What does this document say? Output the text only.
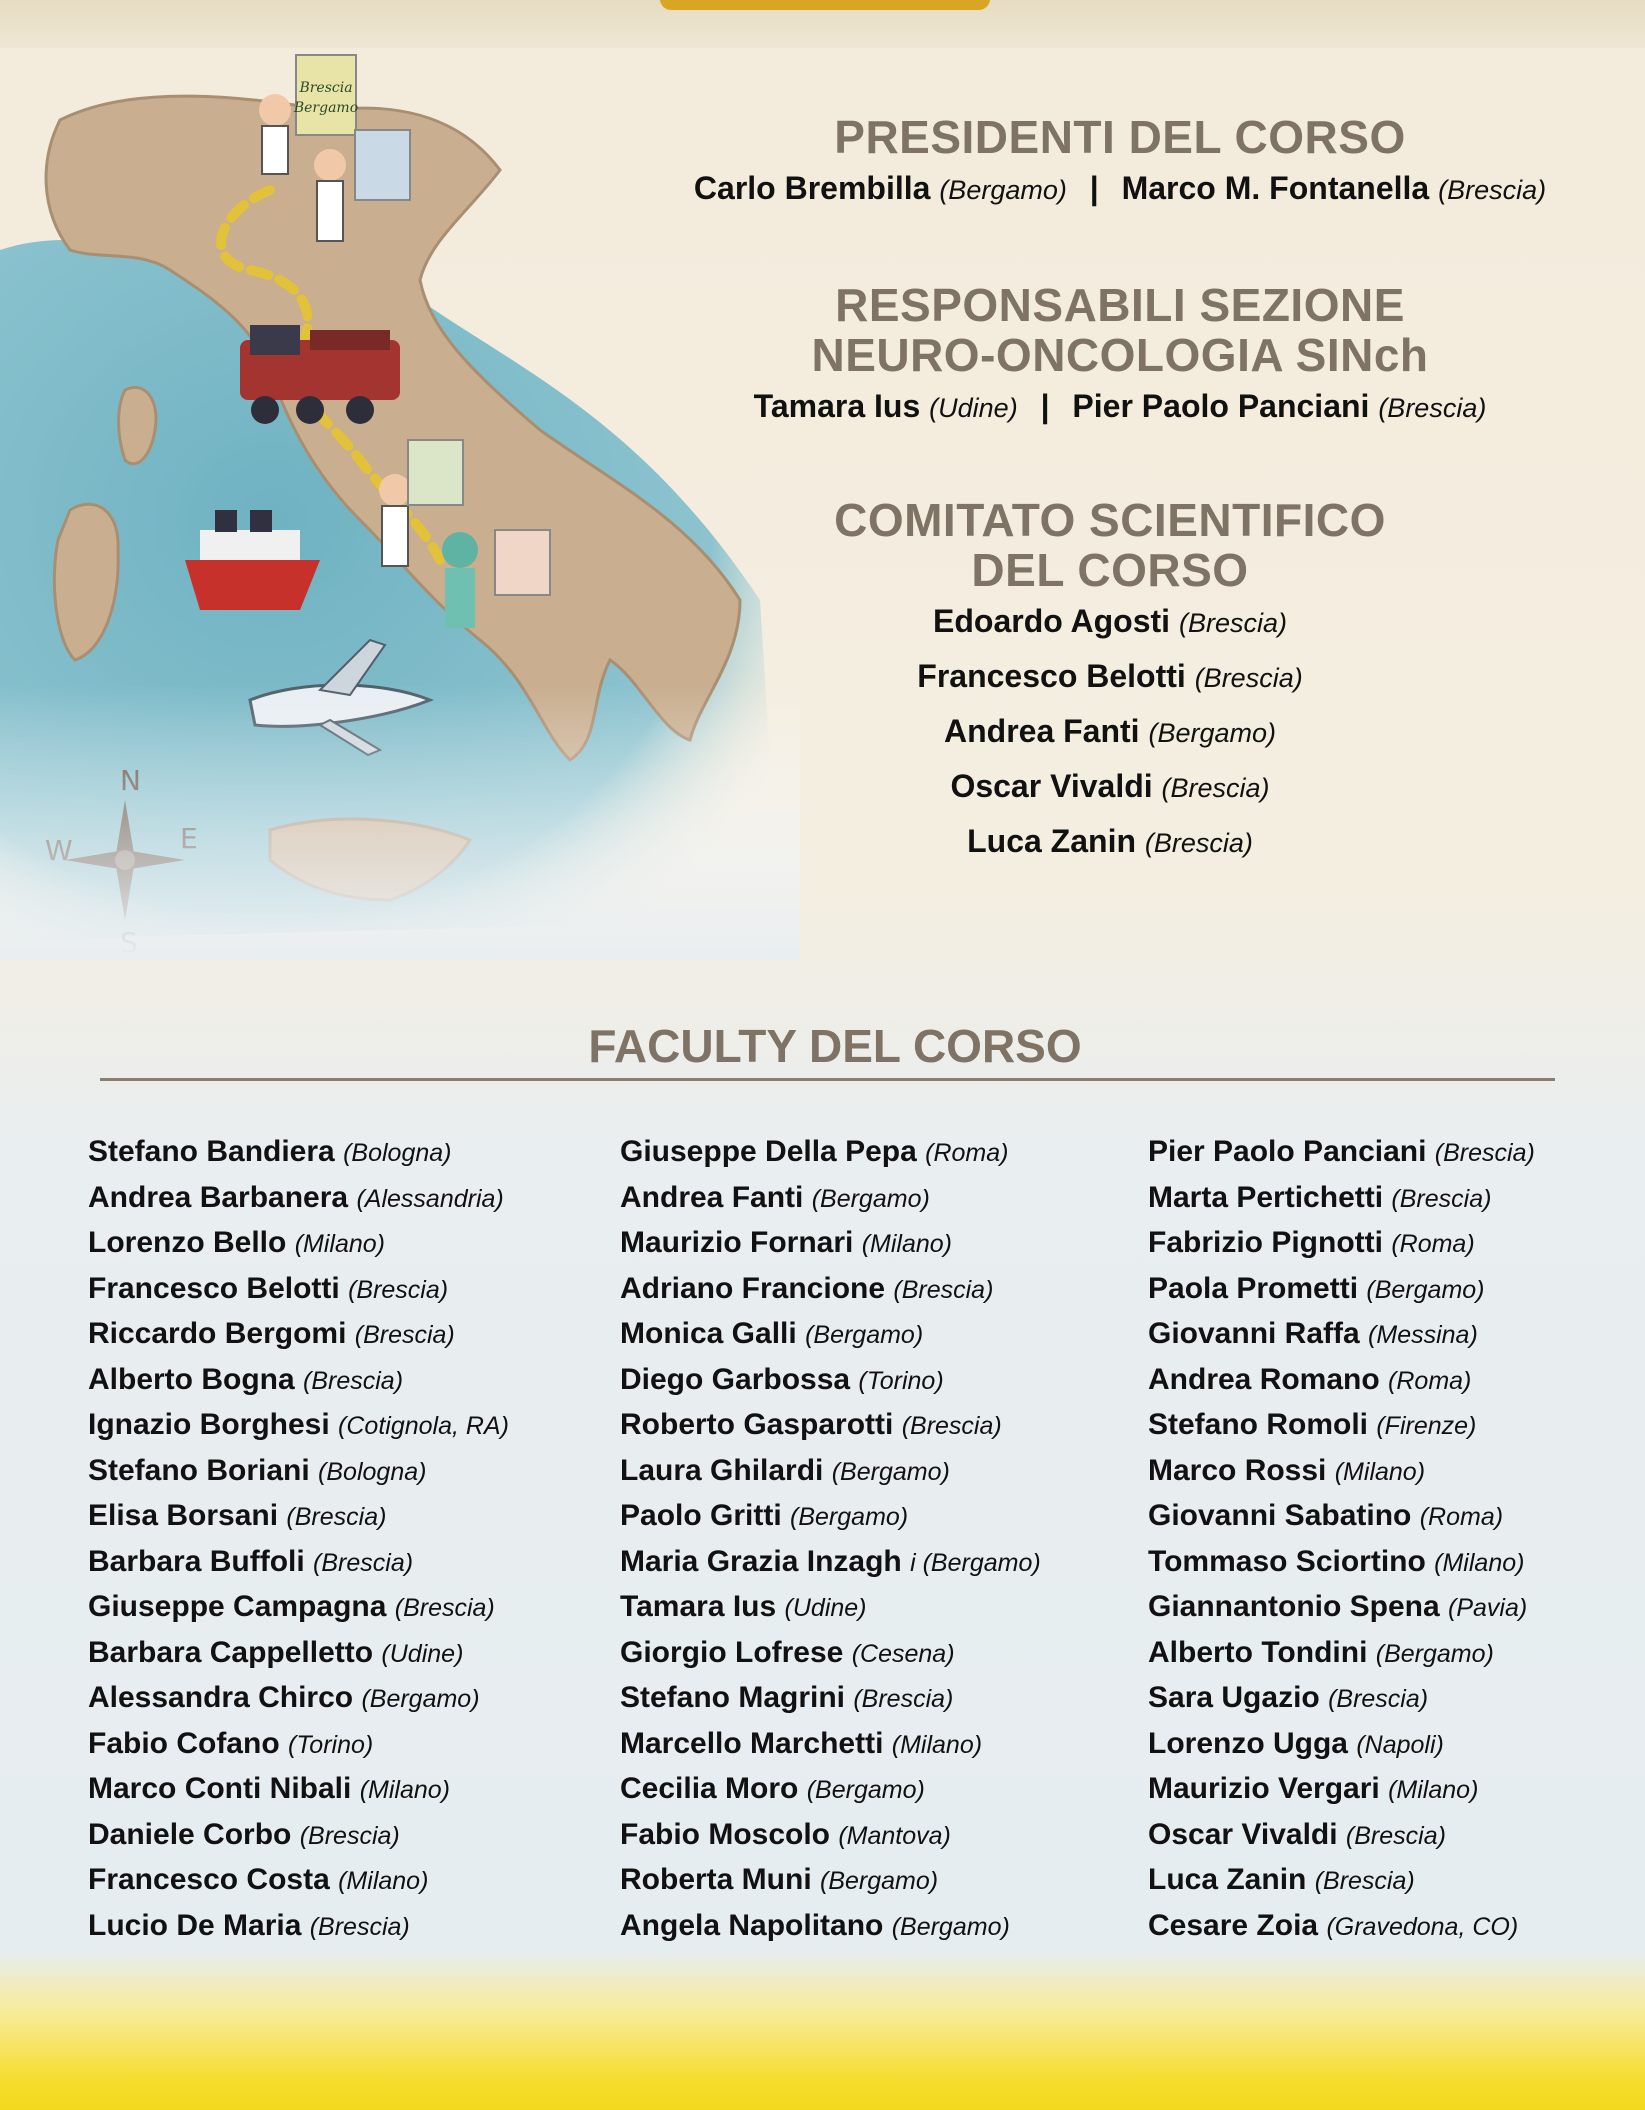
PRESIDENTI DEL CORSO
Carlo Brembilla (Bergamo) | Marco M. Fontanella (Brescia)
RESPONSABILI SEZIONE
NEURO-ONCOLOGIA SINch
Tamara Ius (Udine) | Pier Paolo Panciani (Brescia)
COMITATO SCIENTIFICO
DEL CORSO
Edoardo Agosti (Brescia)
Francesco Belotti (Brescia)
Andrea Fanti (Bergamo)
Oscar Vivaldi (Brescia)
Luca Zanin (Brescia)
FACULTY DEL CORSO
Stefano Bandiera (Bologna)
Andrea Barbanera (Alessandria)
Lorenzo Bello (Milano)
Francesco Belotti (Brescia)
Riccardo Bergomi (Brescia)
Alberto Bogna (Brescia)
Ignazio Borghesi (Cotignola, RA)
Stefano Boriani (Bologna)
Elisa Borsani (Brescia)
Barbara Buffoli (Brescia)
Giuseppe Campagna (Brescia)
Barbara Cappelletto (Udine)
Alessandra Chirco (Bergamo)
Fabio Cofano (Torino)
Marco Conti Nibali (Milano)
Daniele Corbo (Brescia)
Francesco Costa (Milano)
Lucio De Maria (Brescia)
Giuseppe Della Pepa (Roma)
Andrea Fanti (Bergamo)
Maurizio Fornari (Milano)
Adriano Francione (Brescia)
Monica Galli (Bergamo)
Diego Garbossa (Torino)
Roberto Gasparotti (Brescia)
Laura Ghilardi (Bergamo)
Paolo Gritti (Bergamo)
Maria Grazia Inzagh i (Bergamo)
Tamara Ius (Udine)
Giorgio Lofrese (Cesena)
Stefano Magrini (Brescia)
Marcello Marchetti (Milano)
Cecilia Moro (Bergamo)
Fabio Moscolo (Mantova)
Roberta Muni (Bergamo)
Angela Napolitano (Bergamo)
Pier Paolo Panciani (Brescia)
Marta Pertichetti (Brescia)
Fabrizio Pignotti (Roma)
Paola Prometti (Bergamo)
Giovanni Raffa (Messina)
Andrea Romano (Roma)
Stefano Romoli (Firenze)
Marco Rossi (Milano)
Giovanni Sabatino (Roma)
Tommaso Sciortino (Milano)
Giannantonio Spena (Pavia)
Alberto Tondini (Bergamo)
Sara Ugazio (Brescia)
Lorenzo Ugga (Napoli)
Maurizio Vergari (Milano)
Oscar Vivaldi (Brescia)
Luca Zanin (Brescia)
Cesare Zoia (Gravedona, CO)
